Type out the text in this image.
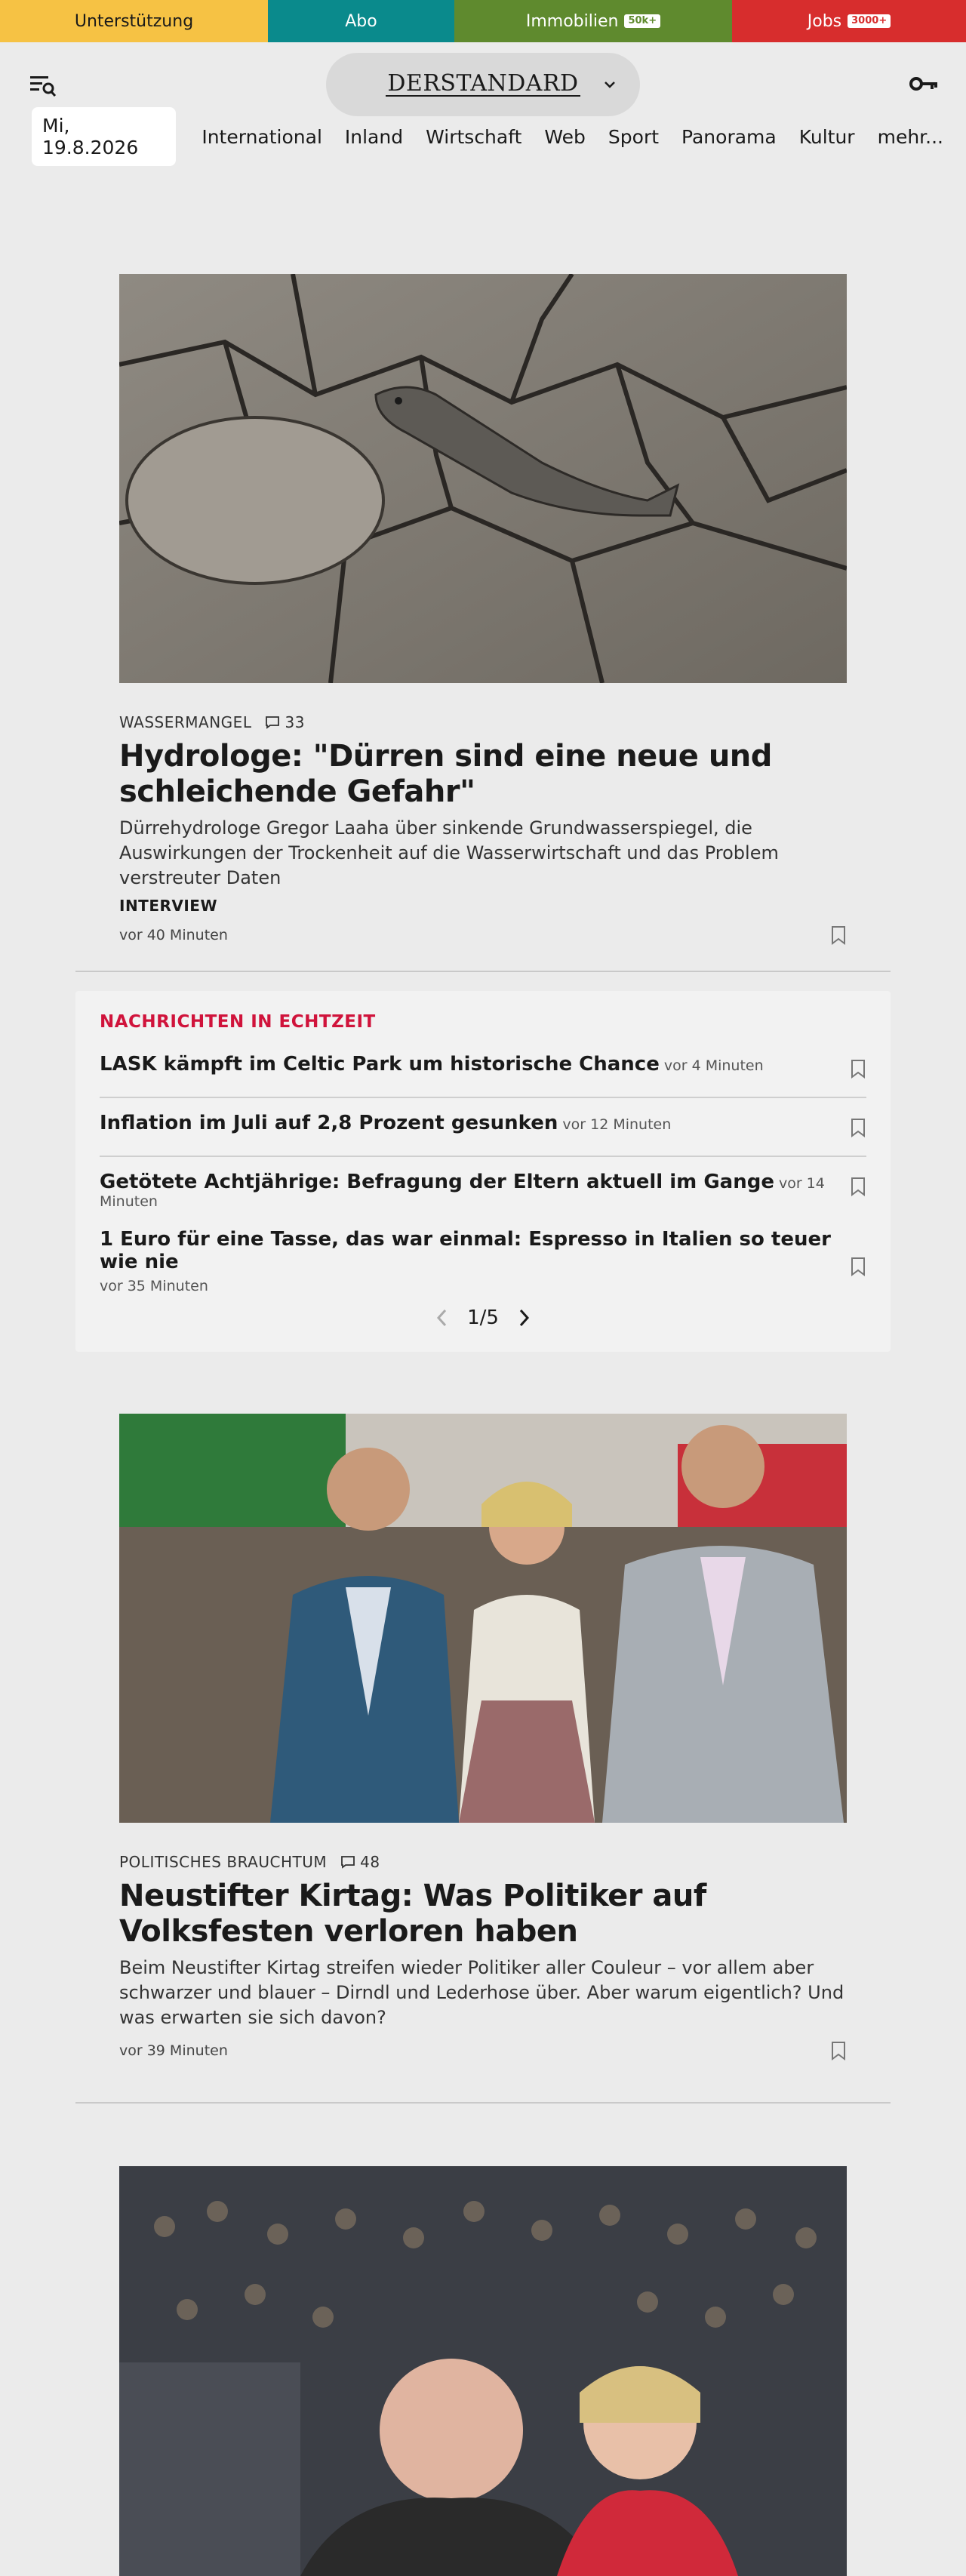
Unterstützung	Abo	Immobilien	50k+	Jobs	3000+
DERSTANDARD
Mi, 19.8.2026	International Inland Wirtschaft Web Sport Panorama Kultur mehr...
WASSERMANGEL 33
Hydrologe: "Dürren sind eine neue und schleichende Gefahr"

Dürrehydrologe Gregor Laaha über sinkende Grundwasserspiegel, die Auswirkungen der Trockenheit auf die Wasserwirtschaft und das Problem verstreuter Daten

INTERVIEW
vor 40 Minuten
NACHRICHTEN IN ECHTZEIT
LASK kämpft im Celtic Park um historische Chance vor 4 Minuten
Inflation im Juli auf 2,8 Prozent gesunken vor 12 Minuten
Getötete Achtjährige: Befragung der Eltern aktuell im Gange vor 14 Minuten
1 Euro für eine Tasse, das war einmal: Espresso in Italien so teuer wie nie
vor 35 Minuten
1/5
POLITISCHES BRAUCHTUM 48
Neustifter Kirtag: Was Politiker auf Volksfesten verloren haben

Beim Neustifter Kirtag streifen wieder Politiker aller Couleur – vor allem aber schwarzer und blauer – Dirndl und Lederhose über. Aber warum eigentlich? Und was erwarten sie sich davon?

vor 39 Minuten
